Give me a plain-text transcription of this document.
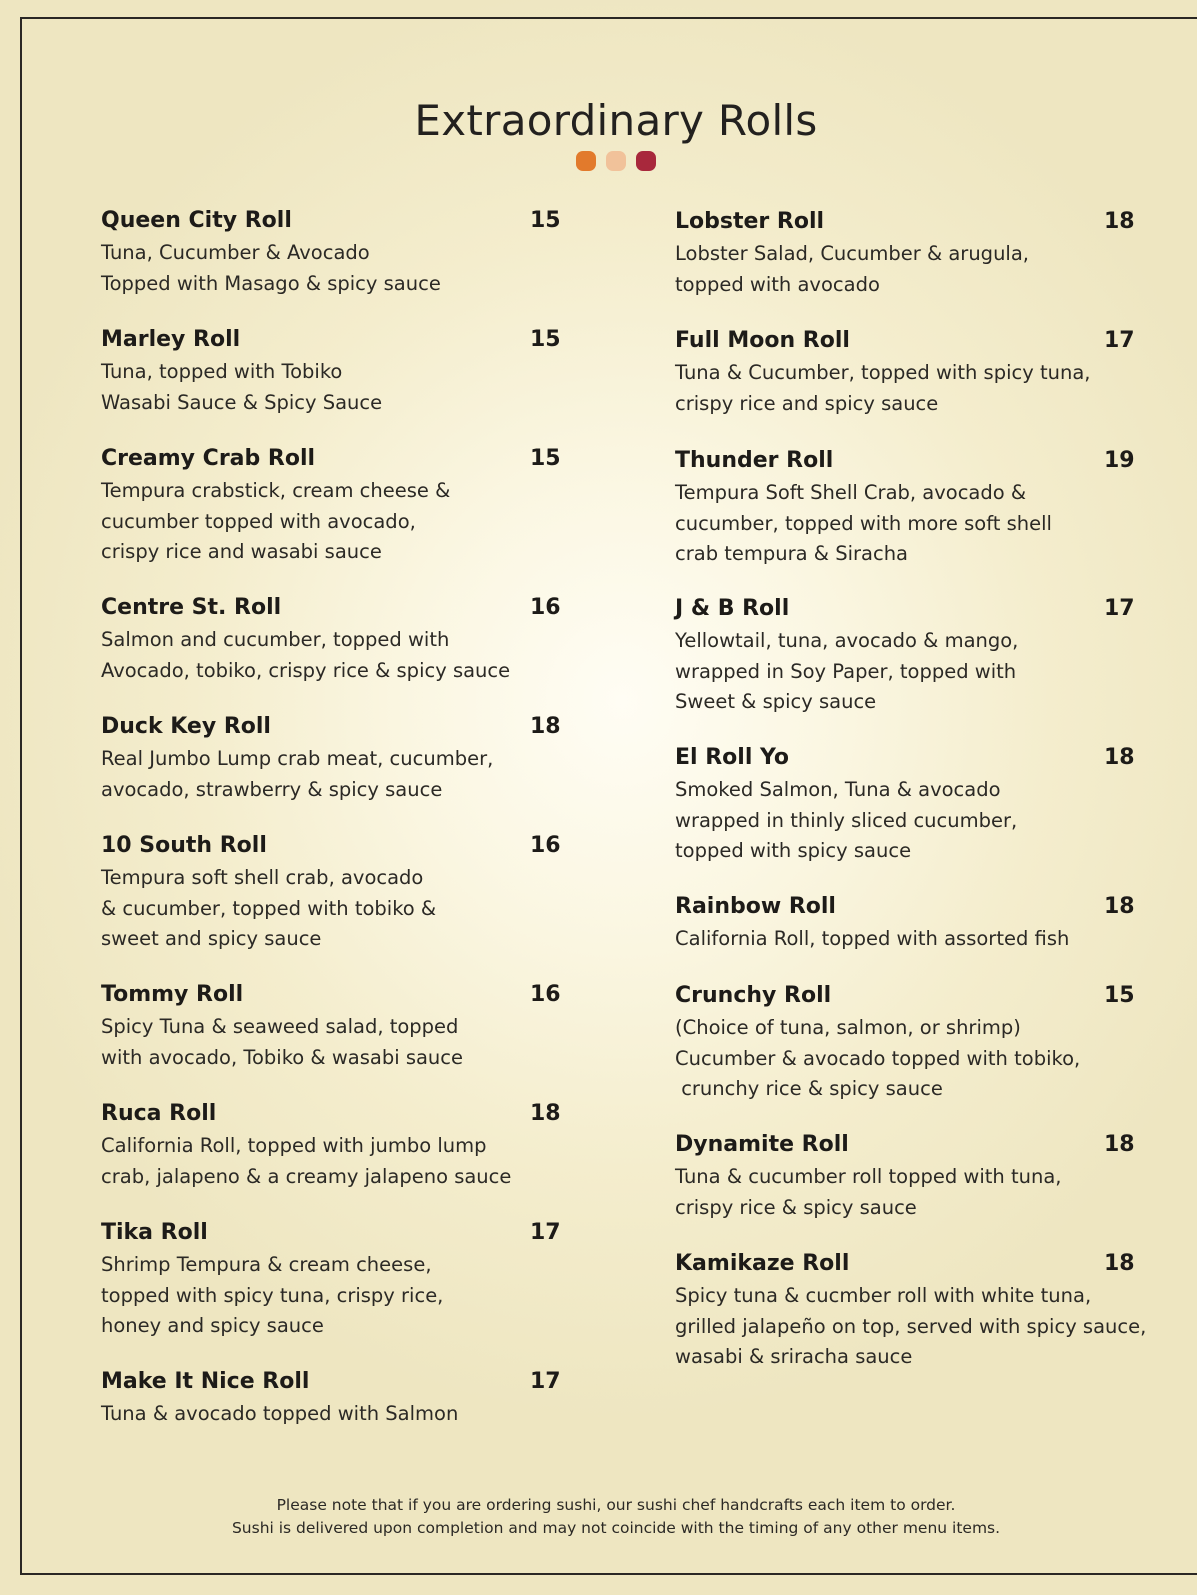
Extraordinary Rolls
Queen City Roll	15
Tuna, Cucumber & Avocado
Topped with Masago & spicy sauce
Marley Roll	15
Tuna, topped with Tobiko
Wasabi Sauce & Spicy Sauce
Creamy Crab Roll	15
Tempura crabstick, cream cheese &
cucumber topped with avocado,
crispy rice and wasabi sauce
Centre St. Roll	16
Salmon and cucumber, topped with
Avocado, tobiko, crispy rice & spicy sauce
Duck Key Roll	18
Real Jumbo Lump crab meat, cucumber,
avocado, strawberry & spicy sauce
10 South Roll	16
Tempura soft shell crab, avocado
& cucumber, topped with tobiko &
sweet and spicy sauce
Tommy Roll	16
Spicy Tuna & seaweed salad, topped
with avocado, Tobiko & wasabi sauce
Ruca Roll	18
California Roll, topped with jumbo lump
crab, jalapeno & a creamy jalapeno sauce
Tika Roll	17
Shrimp Tempura & cream cheese,
topped with spicy tuna, crispy rice,
honey and spicy sauce
Make It Nice Roll	17
Tuna & avocado topped with Salmon
Lobster Roll	18
Lobster Salad, Cucumber & arugula,
topped with avocado
Full Moon Roll	17
Tuna & Cucumber, topped with spicy tuna,
crispy rice and spicy sauce
Thunder Roll	19
Tempura Soft Shell Crab, avocado &
cucumber, topped with more soft shell
crab tempura & Siracha
J & B Roll	17
Yellowtail, tuna, avocado & mango,
wrapped in Soy Paper, topped with
Sweet & spicy sauce
El Roll Yo	18
Smoked Salmon, Tuna & avocado
wrapped in thinly sliced cucumber,
topped with spicy sauce
Rainbow Roll	18
California Roll, topped with assorted fish
Crunchy Roll	15
(Choice of tuna, salmon, or shrimp)
Cucumber & avocado topped with tobiko,
crunchy rice & spicy sauce
Dynamite Roll	18
Tuna & cucumber roll topped with tuna,
crispy rice & spicy sauce
Kamikaze Roll	18
Spicy tuna & cucmber roll with white tuna,
grilled jalapeño on top, served with spicy sauce,
wasabi & sriracha sauce
Please note that if you are ordering sushi, our sushi chef handcrafts each item to order.
Sushi is delivered upon completion and may not coincide with the timing of any other menu items.
